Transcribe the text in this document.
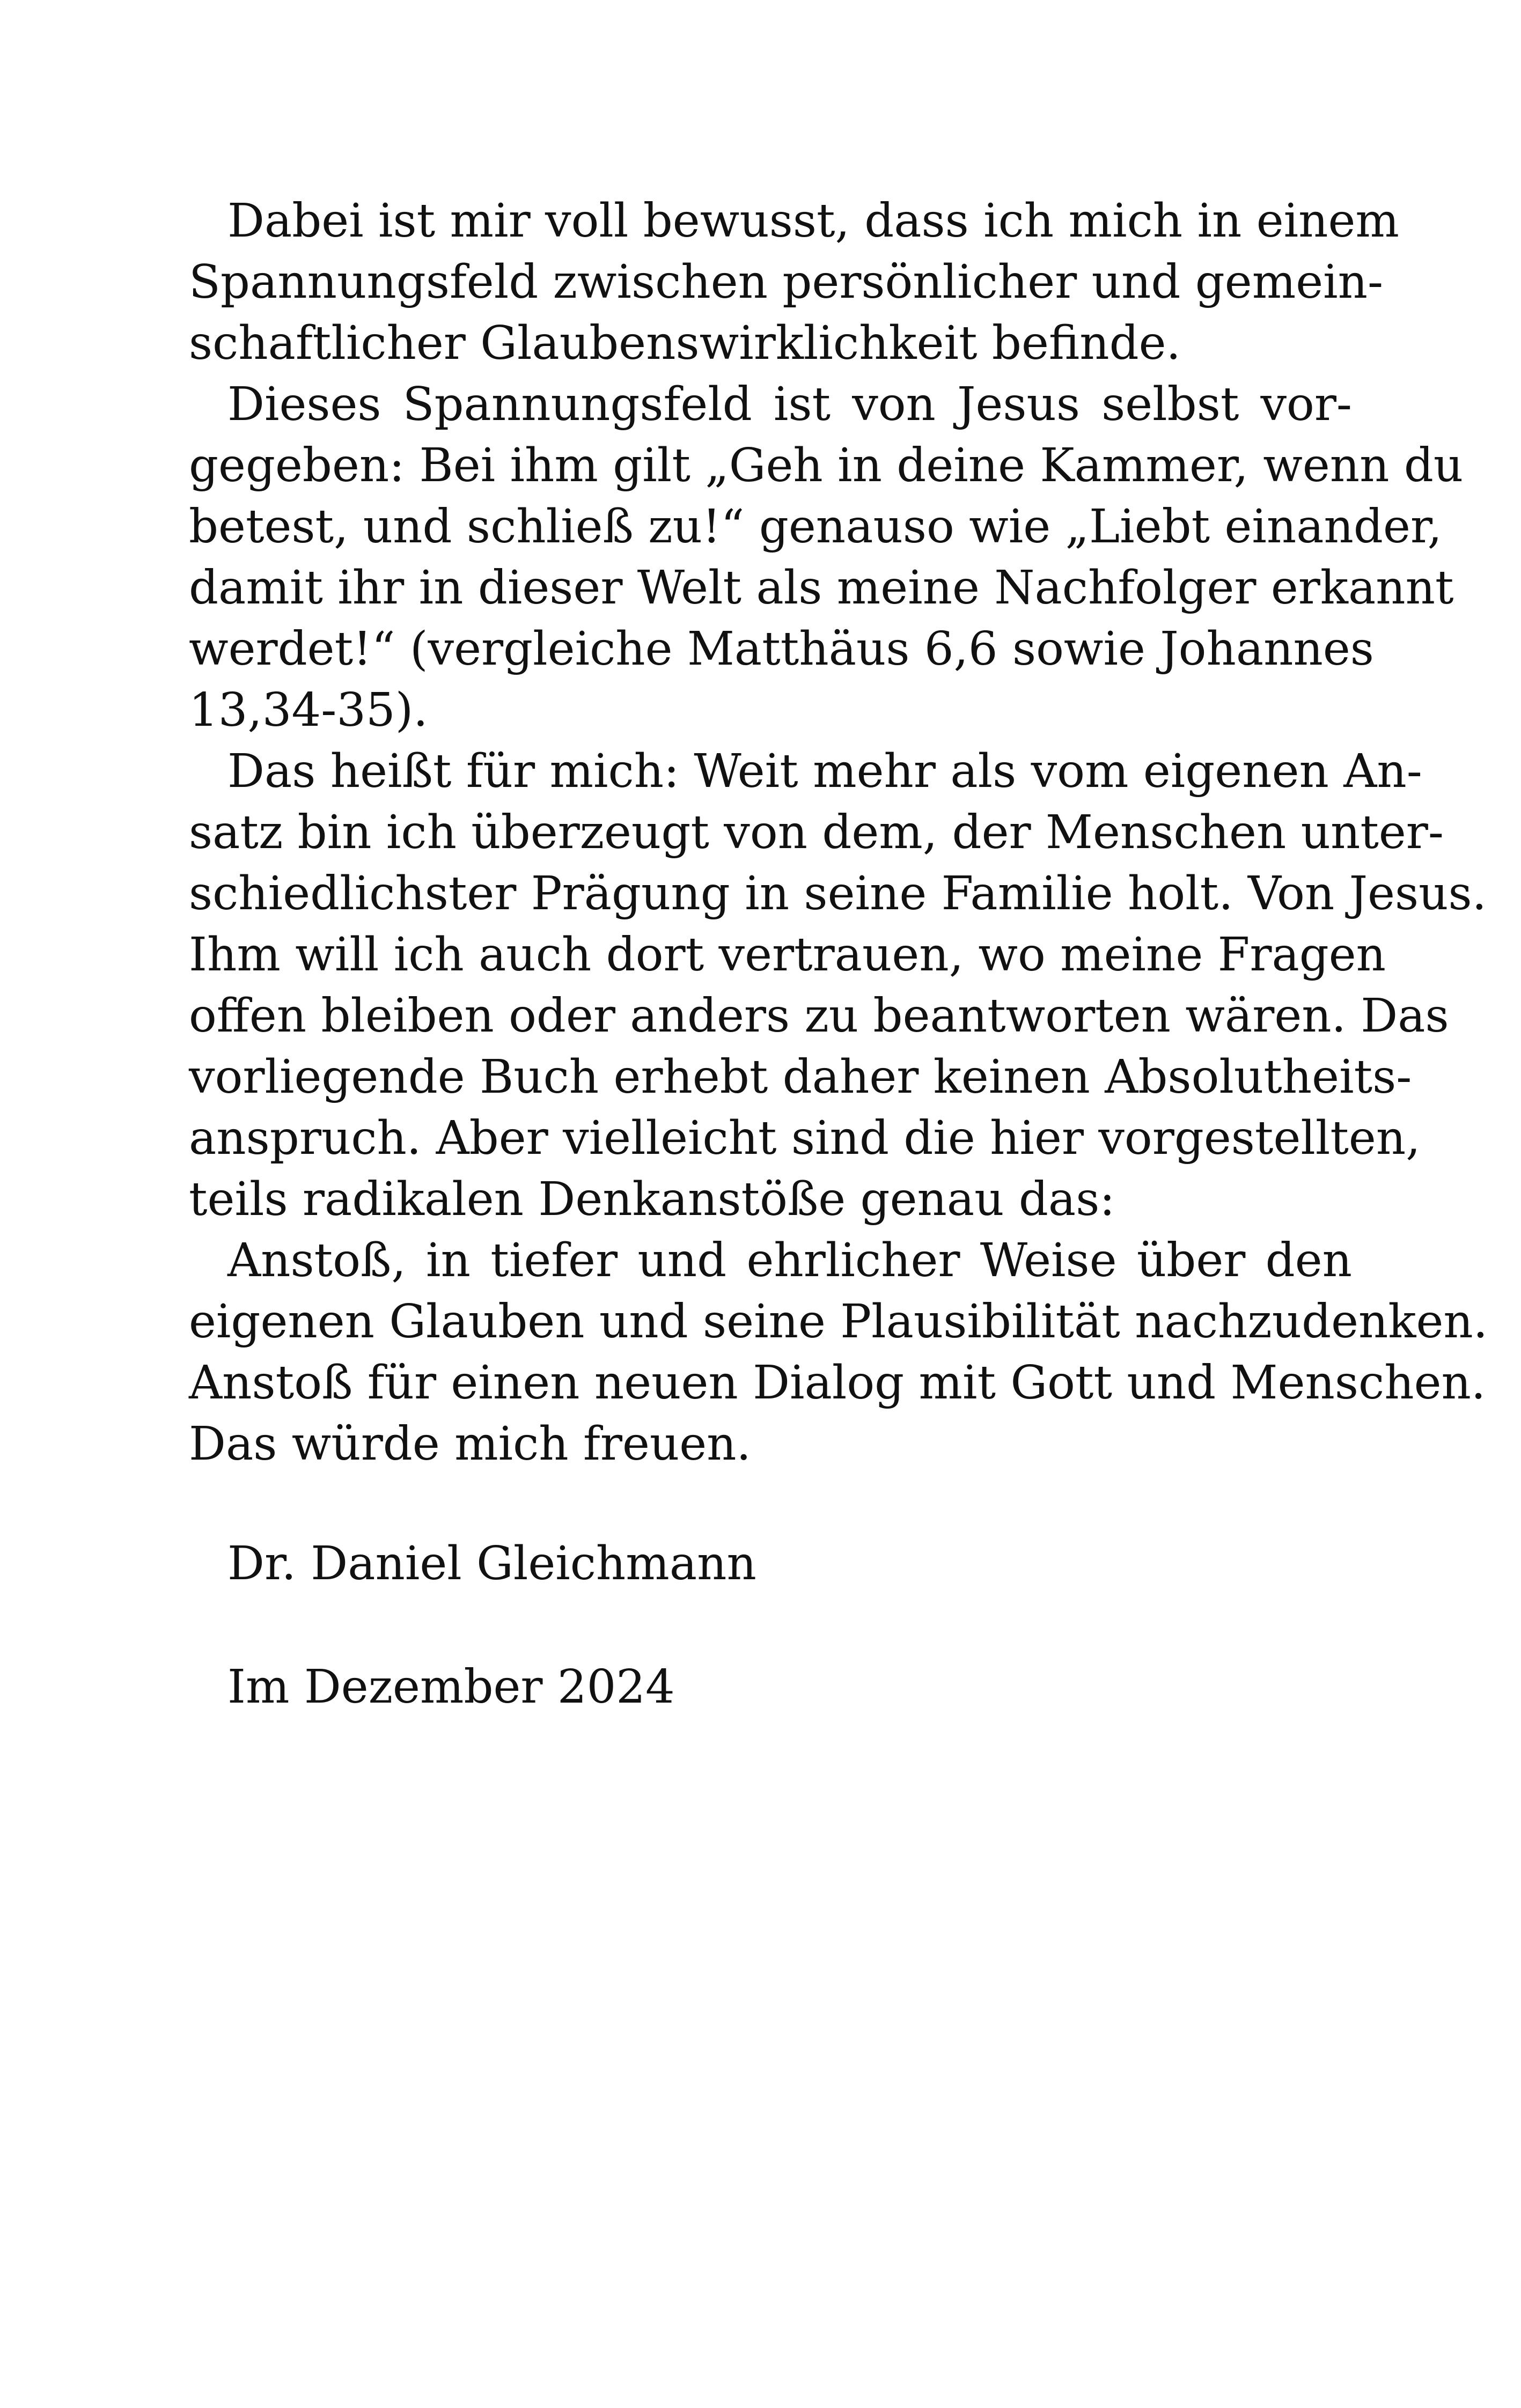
Dabei ist mir voll bewusst, dass ich mich in einem
Spannungsfeld zwischen persönlicher und gemein-
schaftlicher Glaubenswirklichkeit befinde.
Dieses Spannungsfeld ist von Jesus selbst vor-
gegeben: Bei ihm gilt „Geh in deine Kammer, wenn du
betest, und schließ zu!“ genauso wie „Liebt einander,
damit ihr in dieser Welt als meine Nachfolger erkannt
werdet!“ (vergleiche Matthäus 6,6 sowie Johannes
13,34-35).
Das heißt für mich: Weit mehr als vom eigenen An-
satz bin ich überzeugt von dem, der Menschen unter-
schiedlichster Prägung in seine Familie holt. Von Jesus.
Ihm will ich auch dort vertrauen, wo meine Fragen
offen bleiben oder anders zu beantworten wären. Das
vorliegende Buch erhebt daher keinen Absolutheits-
anspruch. Aber vielleicht sind die hier vorgestellten,
teils radikalen Denkanstöße genau das:
Anstoß, in tiefer und ehrlicher Weise über den
eigenen Glauben und seine Plausibilität nachzudenken.
Anstoß für einen neuen Dialog mit Gott und Menschen.
Das würde mich freuen.
Dr. Daniel Gleichmann
Im Dezember 2024
